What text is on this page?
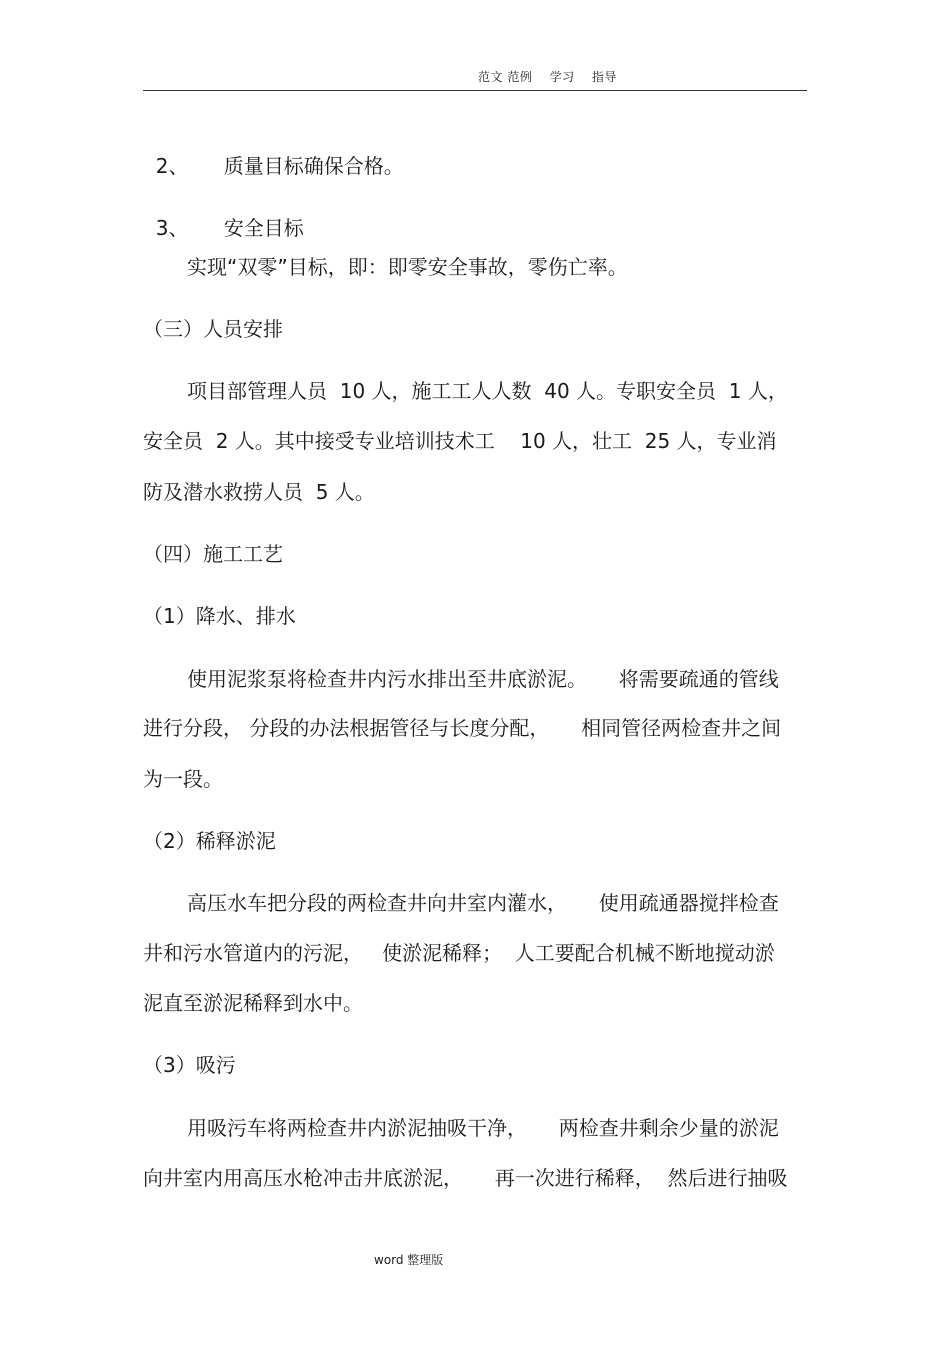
范文 范例    学习    指导

2、 质量目标确保合格。

3、 安全目标

实现“双零”目标，即：即零安全事故，零伤亡率。
（三）人员安排
项目部管理人员  10 人，施工工人人数  40 人。专职安全员  1 人，
安全员  2 人。其中接受专业培训技术工    10 人，壮工  25 人，专业消
防及潜水救捞人员  5 人。
（四）施工工艺
（1）降水、排水
使用泥浆泵将检查井内污水排出至井底淤泥。     将需要疏通的管线
进行分段， 分段的办法根据管径与长度分配，     相同管径两检查井之间
为一段。
（2）稀释淤泥
高压水车把分段的两检查井向井室内灌水，     使用疏通器搅拌检查
井和污水管道内的污泥，   使淤泥稀释；  人工要配合机械不断地搅动淤
泥直至淤泥稀释到水中。
（3）吸污
用吸污车将两检查井内淤泥抽吸干净，     两检查井剩余少量的淤泥
向井室内用高压水枪冲击井底淤泥，     再一次进行稀释，  然后进行抽吸
word 整理版
